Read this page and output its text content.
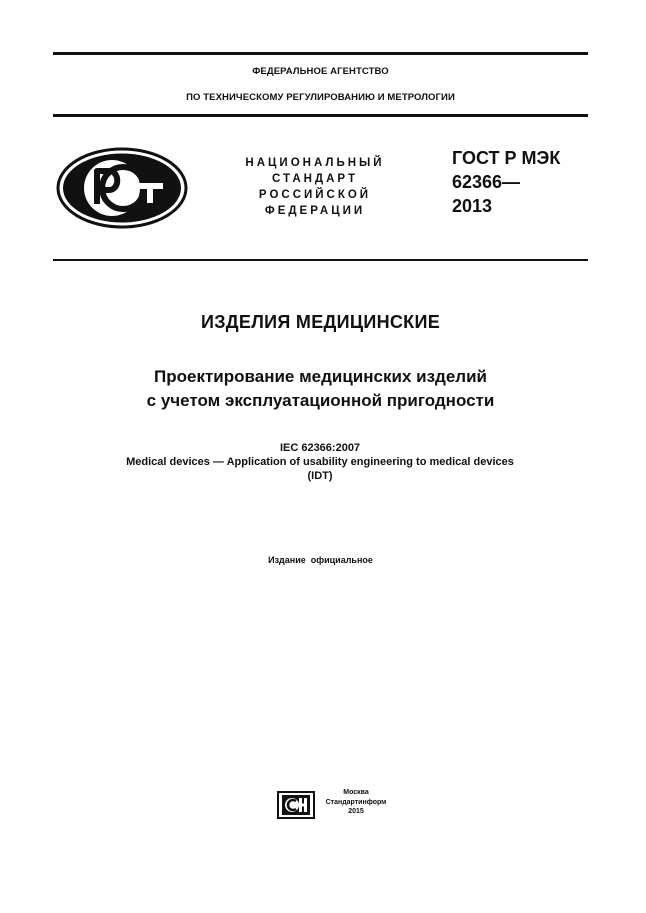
ФЕДЕРАЛЬНОЕ АГЕНТСТВО
ПО ТЕХНИЧЕСКОМУ РЕГУЛИРОВАНИЮ И МЕТРОЛОГИИ
НАЦИОНАЛЬНЫЙ
СТАНДАРТ
РОССИЙСКОЙ
ФЕДЕРАЦИИ
ГОСТ Р МЭК
62366—
2013
ИЗДЕЛИЯ МЕДИЦИНСКИЕ
Проектирование медицинских изделий
с учетом эксплуатационной пригодности
IEC 62366:2007
Medical devices — Application of usability engineering to medical devices
(IDT)
Издание  официальное
Москва
Стандартинформ
2015
